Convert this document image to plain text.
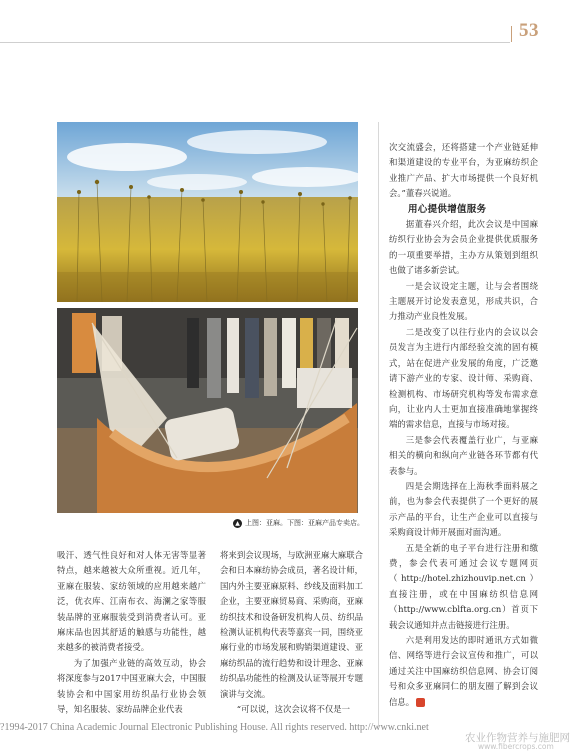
53
▲ 上图：亚麻。下图：亚麻产品专卖店。

吸汗、透气性良好和对人体无害等显著特点，越来越被大众所重视。近几年，亚麻在服装、家纺领域的应用越来越广泛，优衣库、江南布衣、海澜之家等服装品牌的亚麻服装受到消费者认可。亚麻床品也因其舒适的触感与功能性，越来越多的被消费者接受。

为了加强产业链的高效互动，协会将深度参与2017中国亚麻大会，中国服装协会和中国家用纺织品行业协会领导，知名服装、家纺品牌企业代表

将来到会议现场，与欧洲亚麻大麻联合会和日本麻纺协会成员，著名设计师，国内外主要亚麻原料、纱线及面料加工企业，主要亚麻贸易商、采购商，亚麻纺织技术和设备研发机构人员、纺织品检测认证机构代表等嘉宾一同，围绕亚麻行业的市场发展和购销渠道建设、亚麻纺织品的流行趋势和设计理念、亚麻纺织品功能性的检测及认证等展开专题演讲与交流。

“可以说，这次会议将不仅是一

次交流盛会，还将搭建一个产业链延伸和渠道建设的专业平台，为亚麻纺织企业推广产品、扩大市场提供一个良好机会。”董春兴说道。

用心提供增值服务

据董春兴介绍，此次会议是中国麻纺织行业协会为会员企业提供优质服务的一项重要举措，主办方从策划到组织也做了诸多新尝试。

一是会议设定主题，让与会者围绕主题展开讨论发表意见，形成共识，合力推动产业良性发展。

二是改变了以往行业内的会议以会员发言为主进行内部经验交流的固有模式，站在促进产业发展的角度，广泛邀请下游产业的专家、设计师、采购商、检测机构、市场研究机构等发布需求意向，让业内人士更加直接准确地掌握终端的需求信息，直接与市场对接。

三是参会代表覆盖行业广，与亚麻相关的横向和纵向产业链各环节都有代表参与。

四是会期选择在上海秋季面料展之前，也为参会代表提供了一个更好的展示产品的平台，让生产企业可以直接与采购商设计师开展面对面沟通。

五是全新的电子平台进行注册和缴费，参会代表可通过会议专题网页（http://hotel.zhizhouvip.net.cn）直接注册，或在中国麻纺织信息网（http://www.cblfta.org.cn）首页下载会议通知并点击链接进行注册。

六是利用发达的即时通讯方式如微信、网络等进行会议宣传和推广，可以通过关注中国麻纺织信息网、协会订阅号和众多亚麻同仁的朋友圈了解到会议信息。

?1994-2017 China Academic Journal Electronic Publishing House. All rights reserved. http://www.cnki.net
农业作物营养与施肥网
www.fibercrops.com
